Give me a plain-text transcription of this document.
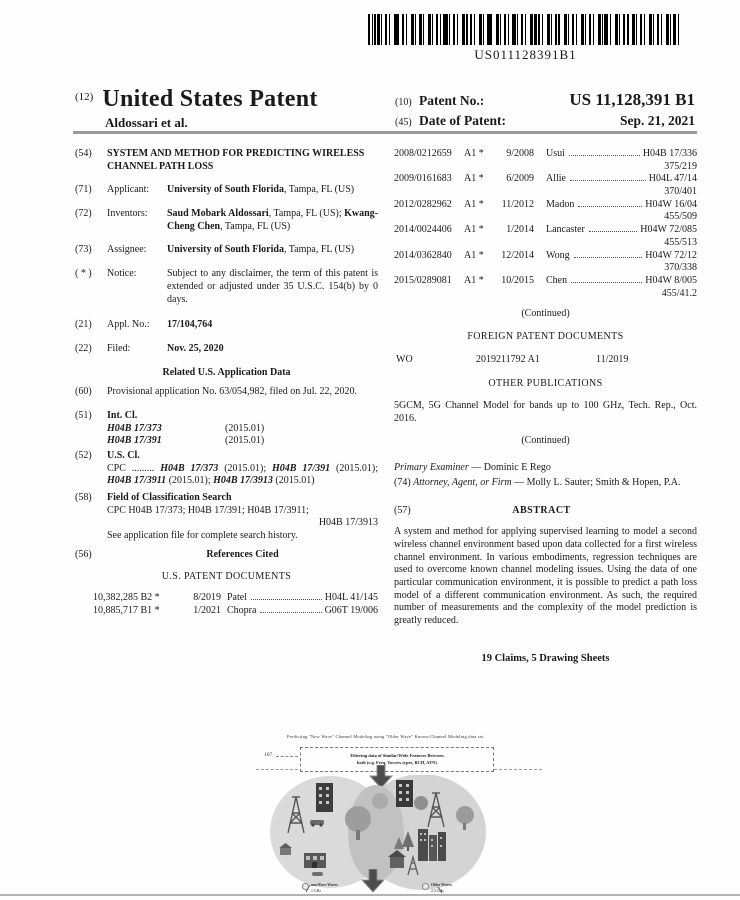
US011128391B1
$^{(12)}$ United States Patent
Aldossari et al.
(10) Patent No.:	US 11,128,391 B1
(45) Date of Patent:	Sep. 21, 2021
(54)	SYSTEM AND METHOD FOR PREDICTING WIRELESS CHANNEL PATH LOSS
(71)	Applicant:	University of South Florida, Tampa, FL (US)
(72)	Inventors:	Saud Mobark Aldossari, Tampa, FL (US); Kwang-Cheng Chen, Tampa, FL (US)
(73)	Assignee:	University of South Florida, Tampa, FL (US)
( * )	Notice:	Subject to any disclaimer, the term of this patent is extended or adjusted under 35 U.S.C. 154(b) by 0 days.
(21)	Appl. No.:	17/104,764
(22)	Filed:	Nov. 25, 2020
Related U.S. Application Data
(60)	Provisional application No. 63/054,982, filed on Jul. 22, 2020.
(51)	Int. Cl.
H04B 17/373	(2015.01)
H04B 17/391	(2015.01)
(52)	U.S. Cl.
CPC ......... H04B 17/373 (2015.01); H04B 17/391 (2015.01); H04B 17/3911 (2015.01); H04B 17/3913 (2015.01)
(58)	Field of Classification Search
CPC H04B 17/373; H04B 17/391; H04B 17/3911;
H04B 17/3913
See application file for complete search history.
(56)	References Cited
U.S. PATENT DOCUMENTS
10,382,285 B2 *	8/2019 Patel	H04L 41/145
10,885,717 B1 *	1/2021 Chopra	G06T 19/006
2008/0212659	A1 *	9/2008 Usui	H04B 17/336
375/219
2009/0161683	A1 *	6/2009 Allie	H04L 47/14
370/401
2012/0282962	A1 *	11/2012 Madon	H04W 16/04
455/509
2014/0024406	A1 *	1/2014 Lancaster	H04W 72/085
455/513
2014/0362840	A1 *	12/2014 Wong	H04W 72/12
370/338
2015/0289081	A1 *	10/2015 Chen	H04W 8/005
455/41.2
(Continued)
FOREIGN PATENT DOCUMENTS
WO	2019211792 A1	11/2019
OTHER PUBLICATIONS
5GCM, 5G Channel Model for bands up to 100 GHz, Tech. Rep., Oct. 2016.
(Continued)
Primary Examiner — Dominic E Rego
(74) Attorney, Agent, or Firm — Molly L. Sauter; Smith & Hopen, P.A.
(57)	ABSTRACT
A system and method for applying supervised learning to model a second wireless channel environment based upon data collected for a first wireless channel environment. In various embodiments, regression techniques are used to overcome known channel modeling issues. Using the data of one particular communication environment, it is possible to predict a path loss model of a different communication environment. As such, the required number of measurements and the complexity of the model prediction is greatly reduced.
19 Claims, 5 Drawing Sheets
Predicting "New Wave" Channel Modeling using "Older Wave" Known Channel Modeling data set
107	Filtering data of Similar/Wide Features Between
both (e.g. Freq, Towers types, BCH, ATN)
mmWave Waves
1 GHz
Older Waves
2.4 GHz
